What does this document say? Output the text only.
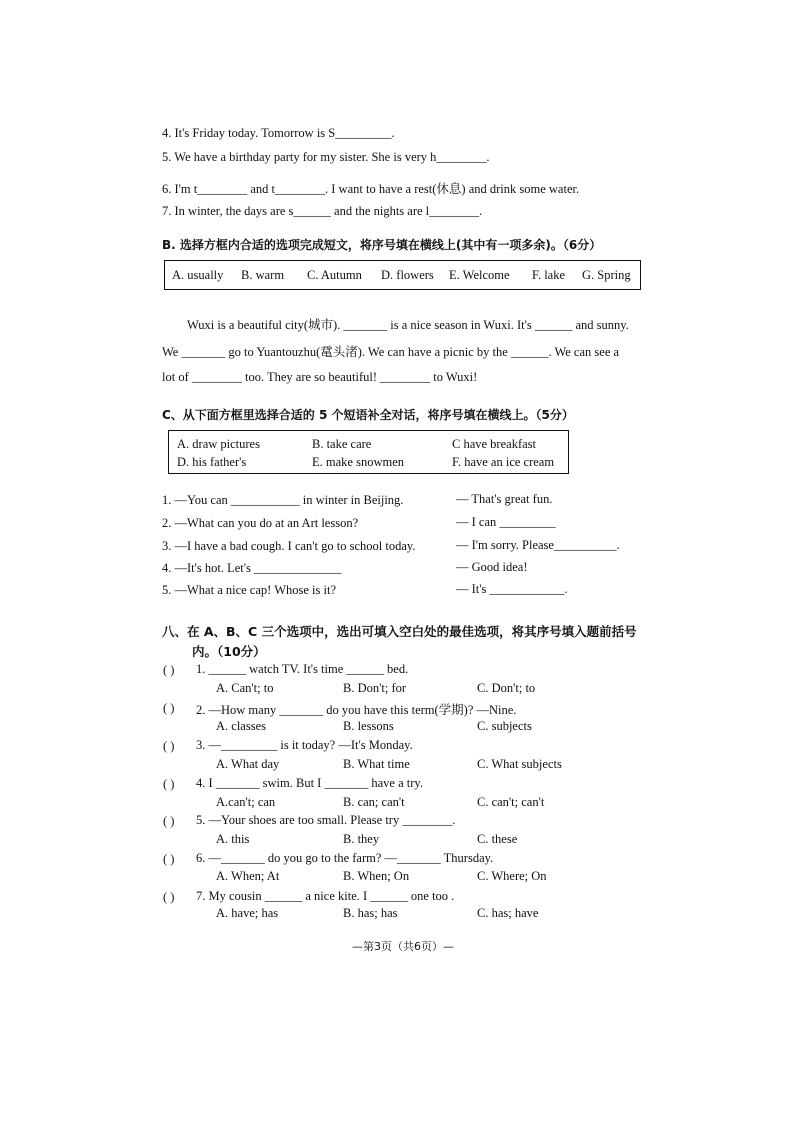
4. It's Friday today. Tomorrow is S_________.
5. We have a birthday party for my sister. She is very h________.
6. I'm t________ and t________. I want to have a rest(休息) and drink some water.
7. In winter, the days are s______ and the nights are l________.
B. 选择方框内合适的选项完成短文，将序号填在横线上(其中有一项多余)。（6分）
A. usually B. warm C. Autumn D. flowers E. Welcome F. lake G. Spring
Wuxi is a beautiful city(城市). _______ is a nice season in Wuxi. It's ______ and sunny.
We _______ go to Yuantouzhu(鼋头渚). We can have a picnic by the ______. We can see a
lot of ________ too. They are so beautiful! ________ to Wuxi!
C、从下面方框里选择合适的 5 个短语补全对话，将序号填在横线上。（5分）
A. draw pictures	B. take care	C have breakfast
D. his father's	E. make snowmen	F. have an ice cream
1. —You can ___________ in winter in Beijing.	— That's great fun.
2. —What can you do at an Art lesson?	— I can _________
3. —I have a bad cough. I can't go to school today.	— I'm sorry. Please__________.
4. —It's hot. Let's ______________	— Good idea!
5. —What a nice cap! Whose is it?	— It's ____________.
八、在 A、B、C 三个选项中，选出可填入空白处的最佳选项，将其序号填入题前括号
内。（10分）
( ) 1. ______ watch TV. It's time ______ bed.
A. Can't; to	B. Don't; for	C. Don't; to
( ) 2. —How many _______ do you have this term(学期)? —Nine.
A. classes	B. lessons	C. subjects
( ) 3. —_________ is it today? —It's Monday.
A. What day	B. What time	C. What subjects
( ) 4. I _______ swim. But I _______ have a try.
A.can't; can	B. can; can't	C. can't; can't
( ) 5. —Your shoes are too small. Please try ________.
A. this	B. they	C. these
( ) 6. —_______ do you go to the farm? —_______ Thursday.
A. When; At	B. When; On	C. Where; On
( ) 7. My cousin ______ a nice kite. I ______ one too .
A. have; has	B. has; has	C. has; have
—第3页（共6页）—
